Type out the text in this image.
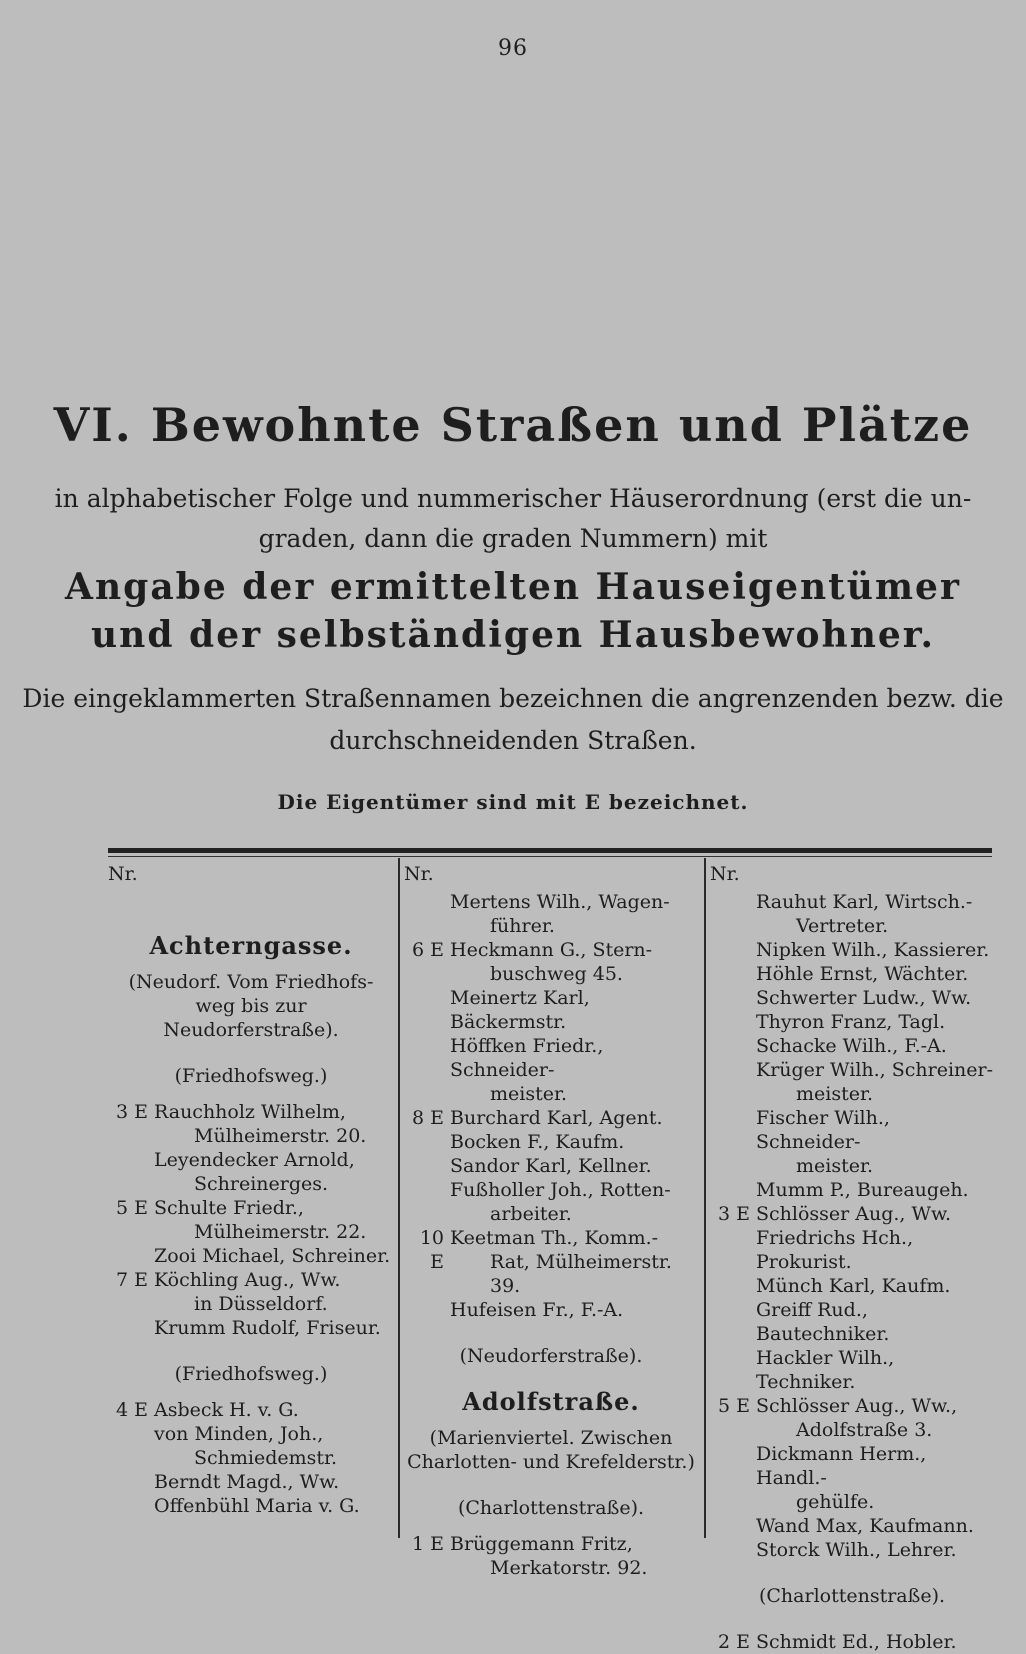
96
VI. Bewohnte Straßen und Plätze
in alphabetischer Folge und nummerischer Häuserordnung (erst die un-
graden, dann die graden Nummern) mit
Angabe der ermittelten Hauseigentümer
und der selbständigen Hausbewohner.
Die eingeklammerten Straßennamen bezeichnen die angrenzenden bezw. die
durchschneidenden Straßen.
Die Eigentümer sind mit E bezeichnet.
Nr.
Achterngasse.
(Neudorf. Vom Friedhofs-
weg bis zur Neudorferstraße).
(Friedhofsweg.)
3 E Rauchholz Wilhelm,
Mülheimerstr. 20.
Leyendecker Arnold,
Schreinerges.
5 E Schulte Friedr.,
Mülheimerstr. 22.
Zooi Michael, Schreiner.
7 E Köchling Aug., Ww.
in Düsseldorf.
Krumm Rudolf, Friseur.
(Friedhofsweg.)
4 E Asbeck H. v. G.
von Minden, Joh.,
Schmiedemstr.
Berndt Magd., Ww.
Offenbühl Maria v. G.
Nr.
Mertens Wilh., Wagen-
führer.
6 E Heckmann G., Stern-
buschweg 45.
Meinertz Karl, Bäckermstr.
Höffken Friedr., Schneider-
meister.
8 E Burchard Karl, Agent.
Bocken F., Kaufm.
Sandor Karl, Kellner.
Fußholler Joh., Rotten-
arbeiter.
10 E
Keetman Th., Komm.-
Rat, Mülheimerstr. 39.
Hufeisen Fr., F.-A.
(Neudorferstraße).
Adolfstraße.
(Marienviertel. Zwischen
Charlotten- und Krefelderstr.)
(Charlottenstraße).
1 E Brüggemann Fritz,
Merkatorstr. 92.
Nr.
Rauhut Karl, Wirtsch.-
Vertreter.
Nipken Wilh., Kassierer.
Höhle Ernst, Wächter.
Schwerter Ludw., Ww.
Thyron Franz, Tagl.
Schacke Wilh., F.-A.
Krüger Wilh., Schreiner-
meister.
Fischer Wilh., Schneider-
meister.
Mumm P., Bureaugeh.
3 E Schlösser Aug., Ww.
Friedrichs Hch., Prokurist.
Münch Karl, Kaufm.
Greiff Rud., Bautechniker.
Hackler Wilh., Techniker.
5 E Schlösser Aug., Ww.,
Adolfstraße 3.
Dickmann Herm., Handl.-
gehülfe.
Wand Max, Kaufmann.
Storck Wilh., Lehrer.
(Charlottenstraße).
2 E Schmidt Ed., Hobler.
